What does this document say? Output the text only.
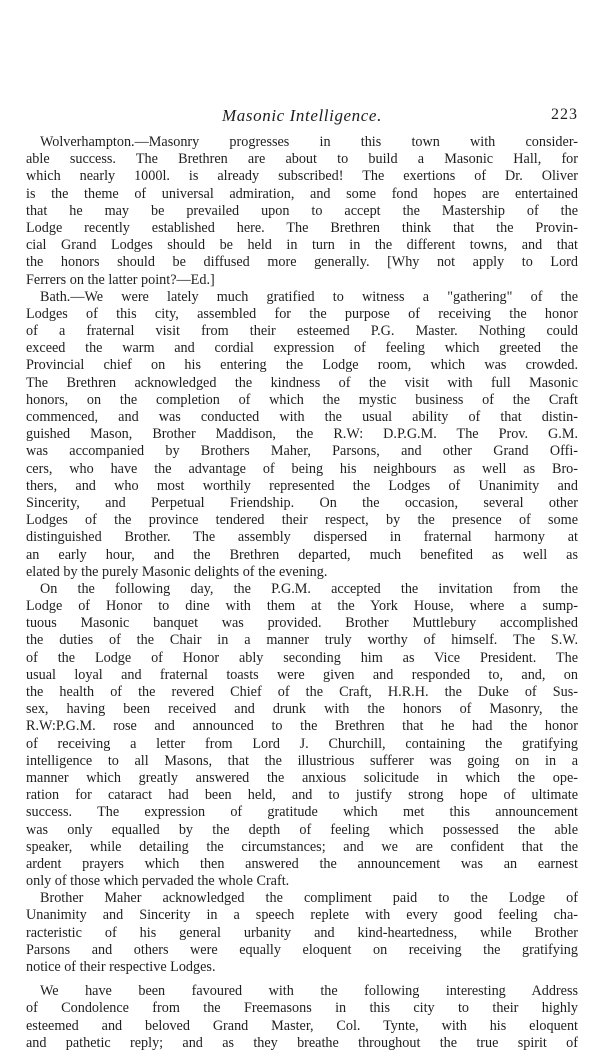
Masonic Intelligence.	223
Wolverhampton.—Masonry progresses in this town with consider-
able success. The Brethren are about to build a Masonic Hall, for
which nearly 1000l. is already subscribed! The exertions of Dr. Oliver
is the theme of universal admiration, and some fond hopes are entertained
that he may be prevailed upon to accept the Mastership of the
Lodge recently established here. The Brethren think that the Provin-
cial Grand Lodges should be held in turn in the different towns, and that
the honors should be diffused more generally. [Why not apply to Lord
Ferrers on the latter point?—Ed.]
Bath.—We were lately much gratified to witness a "gathering" of the
Lodges of this city, assembled for the purpose of receiving the honor
of a fraternal visit from their esteemed P.G. Master. Nothing could
exceed the warm and cordial expression of feeling which greeted the
Provincial chief on his entering the Lodge room, which was crowded.
The Brethren acknowledged the kindness of the visit with full Masonic
honors, on the completion of which the mystic business of the Craft
commenced, and was conducted with the usual ability of that distin-
guished Mason, Brother Maddison, the R.W: D.P.G.M. The Prov. G.M.
was accompanied by Brothers Maher, Parsons, and other Grand Offi-
cers, who have the advantage of being his neighbours as well as Bro-
thers, and who most worthily represented the Lodges of Unanimity and
Sincerity, and Perpetual Friendship. On the occasion, several other
Lodges of the province tendered their respect, by the presence of some
distinguished Brother. The assembly dispersed in fraternal harmony at
an early hour, and the Brethren departed, much benefited as well as
elated by the purely Masonic delights of the evening.
On the following day, the P.G.M. accepted the invitation from the
Lodge of Honor to dine with them at the York House, where a sump-
tuous Masonic banquet was provided. Brother Muttlebury accomplished
the duties of the Chair in a manner truly worthy of himself. The S.W.
of the Lodge of Honor ably seconding him as Vice President. The
usual loyal and fraternal toasts were given and responded to, and, on
the health of the revered Chief of the Craft, H.R.H. the Duke of Sus-
sex, having been received and drunk with the honors of Masonry, the
R.W:P.G.M. rose and announced to the Brethren that he had the honor
of receiving a letter from Lord J. Churchill, containing the gratifying
intelligence to all Masons, that the illustrious sufferer was going on in a
manner which greatly answered the anxious solicitude in which the ope-
ration for cataract had been held, and to justify strong hope of ultimate
success. The expression of gratitude which met this announcement
was only equalled by the depth of feeling which possessed the able
speaker, while detailing the circumstances; and we are confident that the
ardent prayers which then answered the announcement was an earnest
only of those which pervaded the whole Craft.
Brother Maher acknowledged the compliment paid to the Lodge of
Unanimity and Sincerity in a speech replete with every good feeling cha-
racteristic of his general urbanity and kind-heartedness, while Brother
Parsons and others were equally eloquent on receiving the gratifying
notice of their respective Lodges.
We have been favoured with the following interesting Address
of Condolence from the Freemasons in this city to their highly
esteemed and beloved Grand Master, Col. Tynte, with his eloquent
and pathetic reply; and as they breathe throughout the true spirit of
